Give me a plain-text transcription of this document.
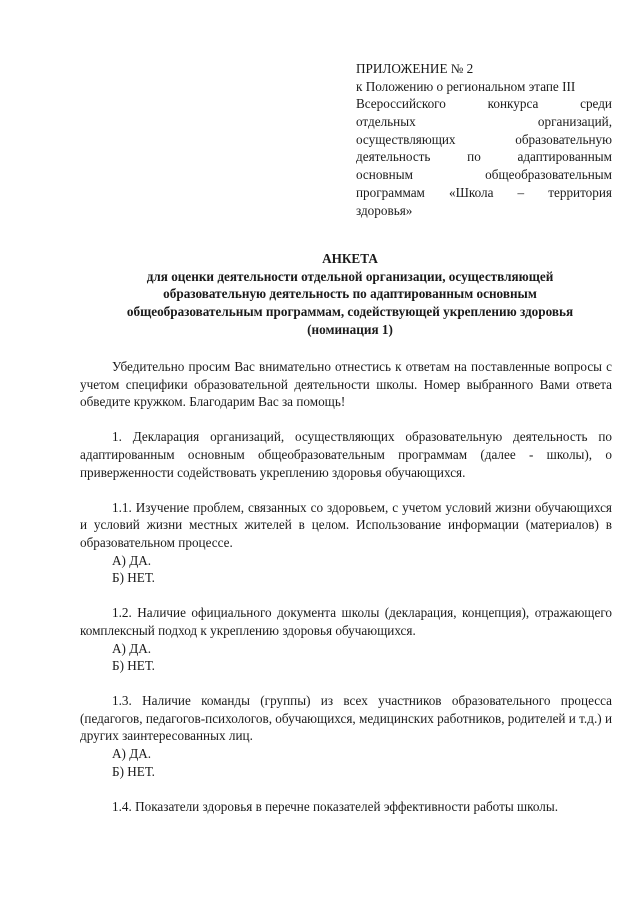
ПРИЛОЖЕНИЕ № 2
к Положению о региональном этапе III
Всероссийского конкурса среди
отдельных организаций,
осуществляющих образовательную
деятельность по адаптированным
основным общеобразовательным
программам «Школа – территория
здоровья»
АНКЕТА
для оценки деятельности отдельной организации, осуществляющей
образовательную деятельность по адаптированным основным
общеобразовательным программам, содействующей укреплению здоровья
(номинация 1)
Убедительно просим Вас внимательно отнестись к ответам на поставленные вопросы с учетом специфики образовательной деятельности школы. Номер выбранного Вами ответа обведите кружком. Благодарим Вас за помощь!
1. Декларация организаций, осуществляющих образовательную деятельность по адаптированным основным общеобразовательным программам (далее - школы), о приверженности содействовать укреплению здоровья обучающихся.
1.1. Изучение проблем, связанных со здоровьем, с учетом условий жизни обучающихся и условий жизни местных жителей в целом. Использование информации (материалов) в образовательном процессе.
А) ДА.
Б) НЕТ.
1.2. Наличие официального документа школы (декларация, концепция), отражающего комплексный подход к укреплению здоровья обучающихся.
А) ДА.
Б) НЕТ.
1.3. Наличие команды (группы) из всех участников образовательного процесса (педагогов, педагогов-психологов, обучающихся, медицинских работников, родителей и т.д.) и других заинтересованных лиц.
А) ДА.
Б) НЕТ.
1.4. Показатели здоровья в перечне показателей эффективности работы школы.
